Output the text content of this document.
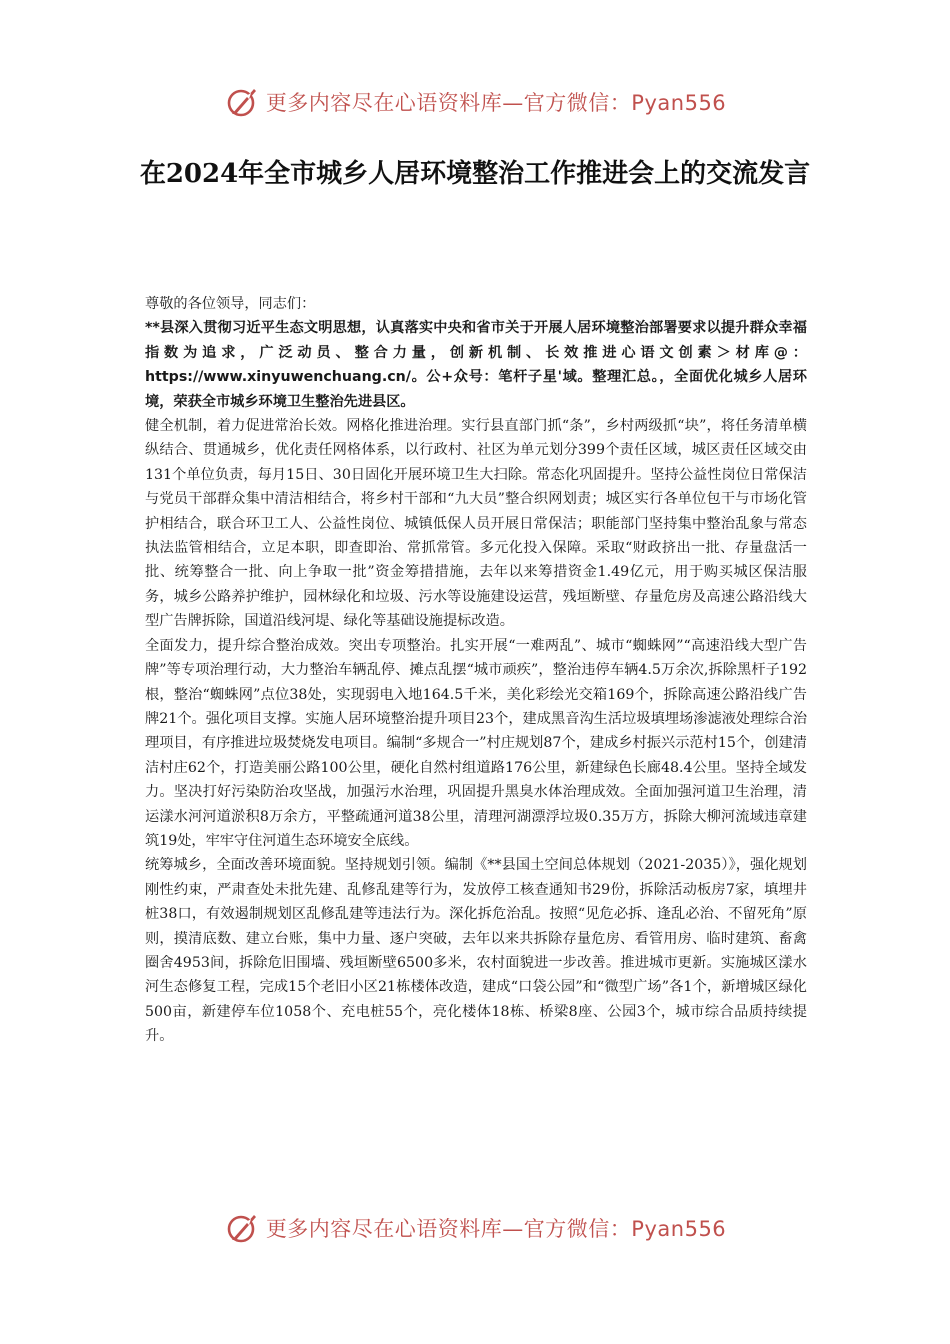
更多内容尽在心语资料库—官方微信：Pyan556
在2024年全市城乡人居环境整治工作推进会上的交流发言

尊敬的各位领导，同志们：

**县深入贯彻习近平生态文明思想，认真落实中央和省市关于开展人居环境整治部署要求以提升群众幸福指数为追求，广泛动员、整合力量，创新机制、长效推进心语文创素＞材库@：https://www.xinyuwenchuang.cn/。公+众号：笔杆子星'域。整理汇总。，全面优化城乡人居环境，荣获全市城乡环境卫生整治先进县区。

健全机制，着力促进常治长效。网格化推进治理。实行县直部门抓“条”，乡村两级抓“块”，将任务清单横纵结合、贯通城乡，优化责任网格体系，以行政村、社区为单元划分399个责任区域，城区责任区域交由131个单位负责，每月15日、30日固化开展环境卫生大扫除。常态化巩固提升。坚持公益性岗位日常保洁与党员干部群众集中清洁相结合，将乡村干部和“九大员”整合织网划责；城区实行各单位包干与市场化管护相结合，联合环卫工人、公益性岗位、城镇低保人员开展日常保洁；职能部门坚持集中整治乱象与常态执法监管相结合，立足本职，即查即治、常抓常管。多元化投入保障。采取“财政挤出一批、存量盘活一批、统筹整合一批、向上争取一批”资金筹措措施，去年以来筹措资金1.49亿元，用于购买城区保洁服务，城乡公路养护维护，园林绿化和垃圾、污水等设施建设运营，残垣断壁、存量危房及高速公路沿线大型广告牌拆除，国道沿线河堤、绿化等基础设施提标改造。

全面发力，提升综合整治成效。突出专项整治。扎实开展“一难两乱”、城市“蜘蛛网”“高速沿线大型广告牌”等专项治理行动，大力整治车辆乱停、摊点乱摆“城市顽疾”，整治违停车辆4.5万余次,拆除黑杆子192根，整治“蜘蛛网”点位38处，实现弱电入地164.5千米，美化彩绘光交箱169个，拆除高速公路沿线广告牌21个。强化项目支撑。实施人居环境整治提升项目23个，建成黑音沟生活垃圾填埋场渗滤液处理综合治理项目，有序推进垃圾焚烧发电项目。编制“多规合一”村庄规划87个，建成乡村振兴示范村15个，创建清洁村庄62个，打造美丽公路100公里，硬化自然村组道路176公里，新建绿色长廊48.4公里。坚持全域发力。坚决打好污染防治攻坚战，加强污水治理，巩固提升黑臭水体治理成效。全面加强河道卫生治理，清运漾水河河道淤积8万余方，平整疏通河道38公里，清理河湖漂浮垃圾0.35万方，拆除大柳河流域违章建筑19处，牢牢守住河道生态环境安全底线。

统筹城乡，全面改善环境面貌。坚持规划引领。编制《**县国土空间总体规划（2021-2035）》，强化规划刚性约束，严肃查处未批先建、乱修乱建等行为，发放停工核查通知书29份，拆除活动板房7家，填埋井桩38口，有效遏制规划区乱修乱建等违法行为。深化拆危治乱。按照“见危必拆、逢乱必治、不留死角”原则，摸清底数、建立台账，集中力量、逐户突破，去年以来共拆除存量危房、看管用房、临时建筑、畜禽圈舍4953间，拆除危旧围墙、残垣断壁6500多米，农村面貌进一步改善。推进城市更新。实施城区漾水河生态修复工程，完成15个老旧小区21栋楼体改造，建成“口袋公园”和“微型广场”各1个，新增城区绿化500亩，新建停车位1058个、充电桩55个，亮化楼体18栋、桥梁8座、公园3个，城市综合品质持续提升。

更多内容尽在心语资料库—官方微信：Pyan556
